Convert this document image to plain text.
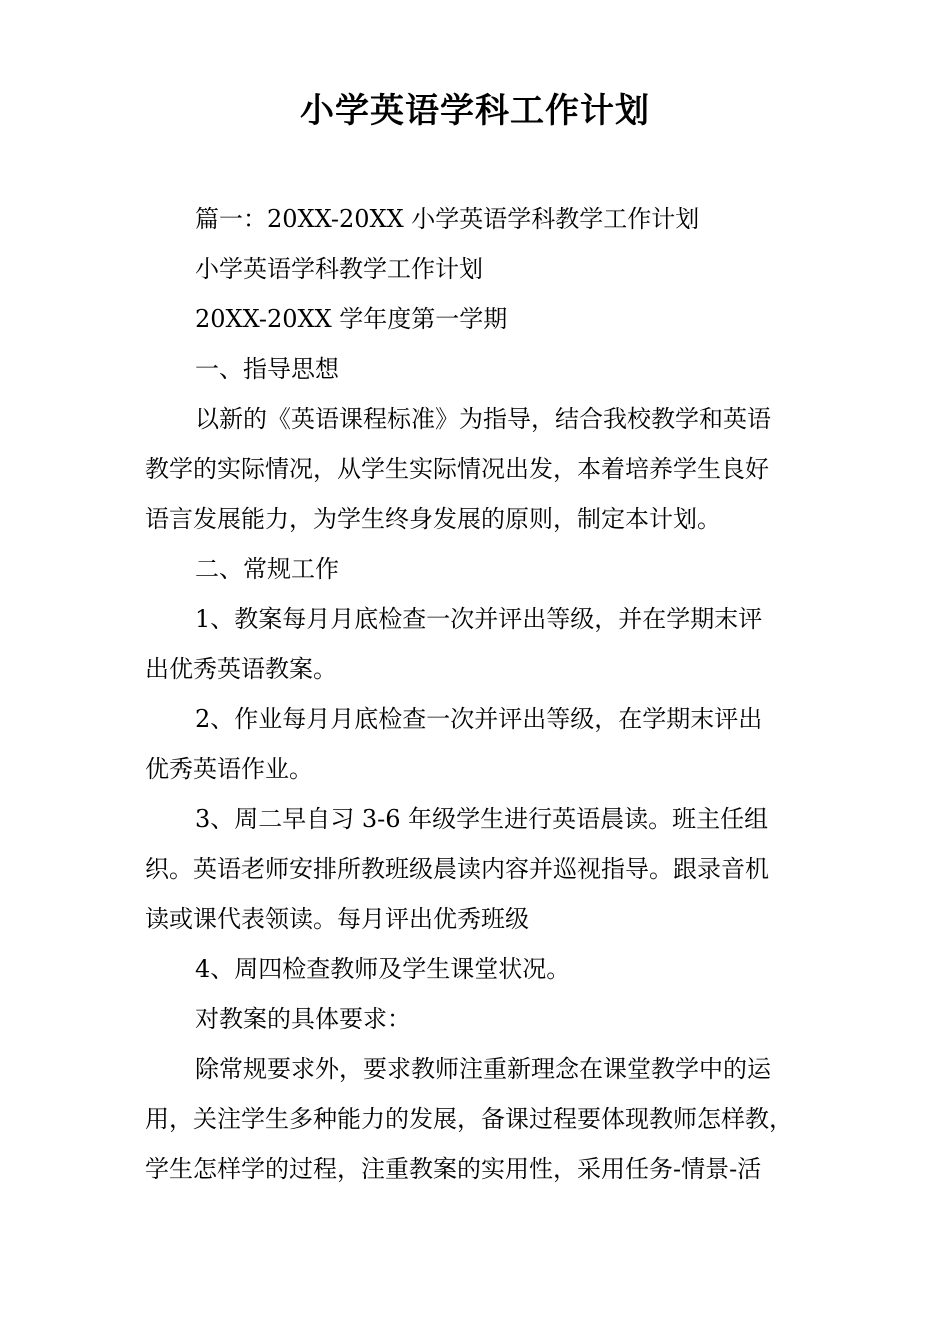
小学英语学科工作计划

篇一：20XX-20XX 小学英语学科教学工作计划

小学英语学科教学工作计划

20XX-20XX 学年度第一学期

一、指导思想

以新的《英语课程标准》为指导，结合我校教学和英语
教学的实际情况，从学生实际情况出发，本着培养学生良好
语言发展能力，为学生终身发展的原则，制定本计划。

二、常规工作

1、教案每月月底检查一次并评出等级，并在学期末评
出优秀英语教案。

2、作业每月月底检查一次并评出等级，在学期末评出
优秀英语作业。

3、周二早自习 3-6 年级学生进行英语晨读。班主任组
织。英语老师安排所教班级晨读内容并巡视指导。跟录音机
读或课代表领读。每月评出优秀班级

4、周四检查教师及学生课堂状况。

对教案的具体要求：

除常规要求外，要求教师注重新理念在课堂教学中的运
用，关注学生多种能力的发展，备课过程要体现教师怎样教，
学生怎样学的过程，注重教案的实用性，采用任务-情景-活
